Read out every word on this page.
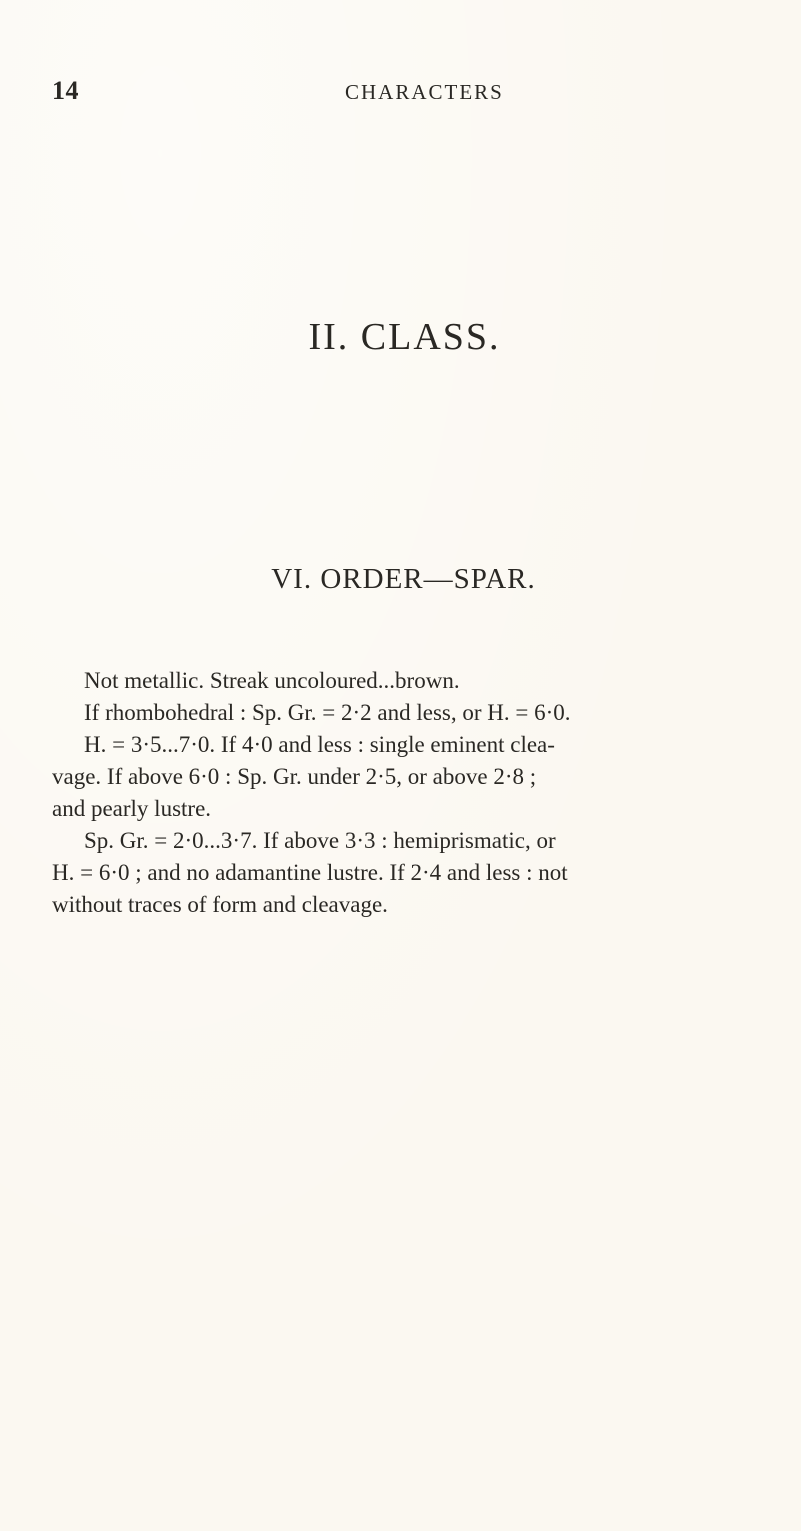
14	CHARACTERS
II. CLASS.
VI. ORDER—SPAR.
Not metallic. Streak uncoloured...brown.
If rhombohedral : Sp. Gr. = 2·2 and less, or H. = 6·0.
H. = 3·5...7·0. If 4·0 and less : single eminent clea-
vage. If above 6·0 : Sp. Gr. under 2·5, or above 2·8 ;
and pearly lustre.
Sp. Gr. = 2·0...3·7. If above 3·3 : hemiprismatic, or
H. = 6·0 ; and no adamantine lustre. If 2·4 and less : not
without traces of form and cleavage.
